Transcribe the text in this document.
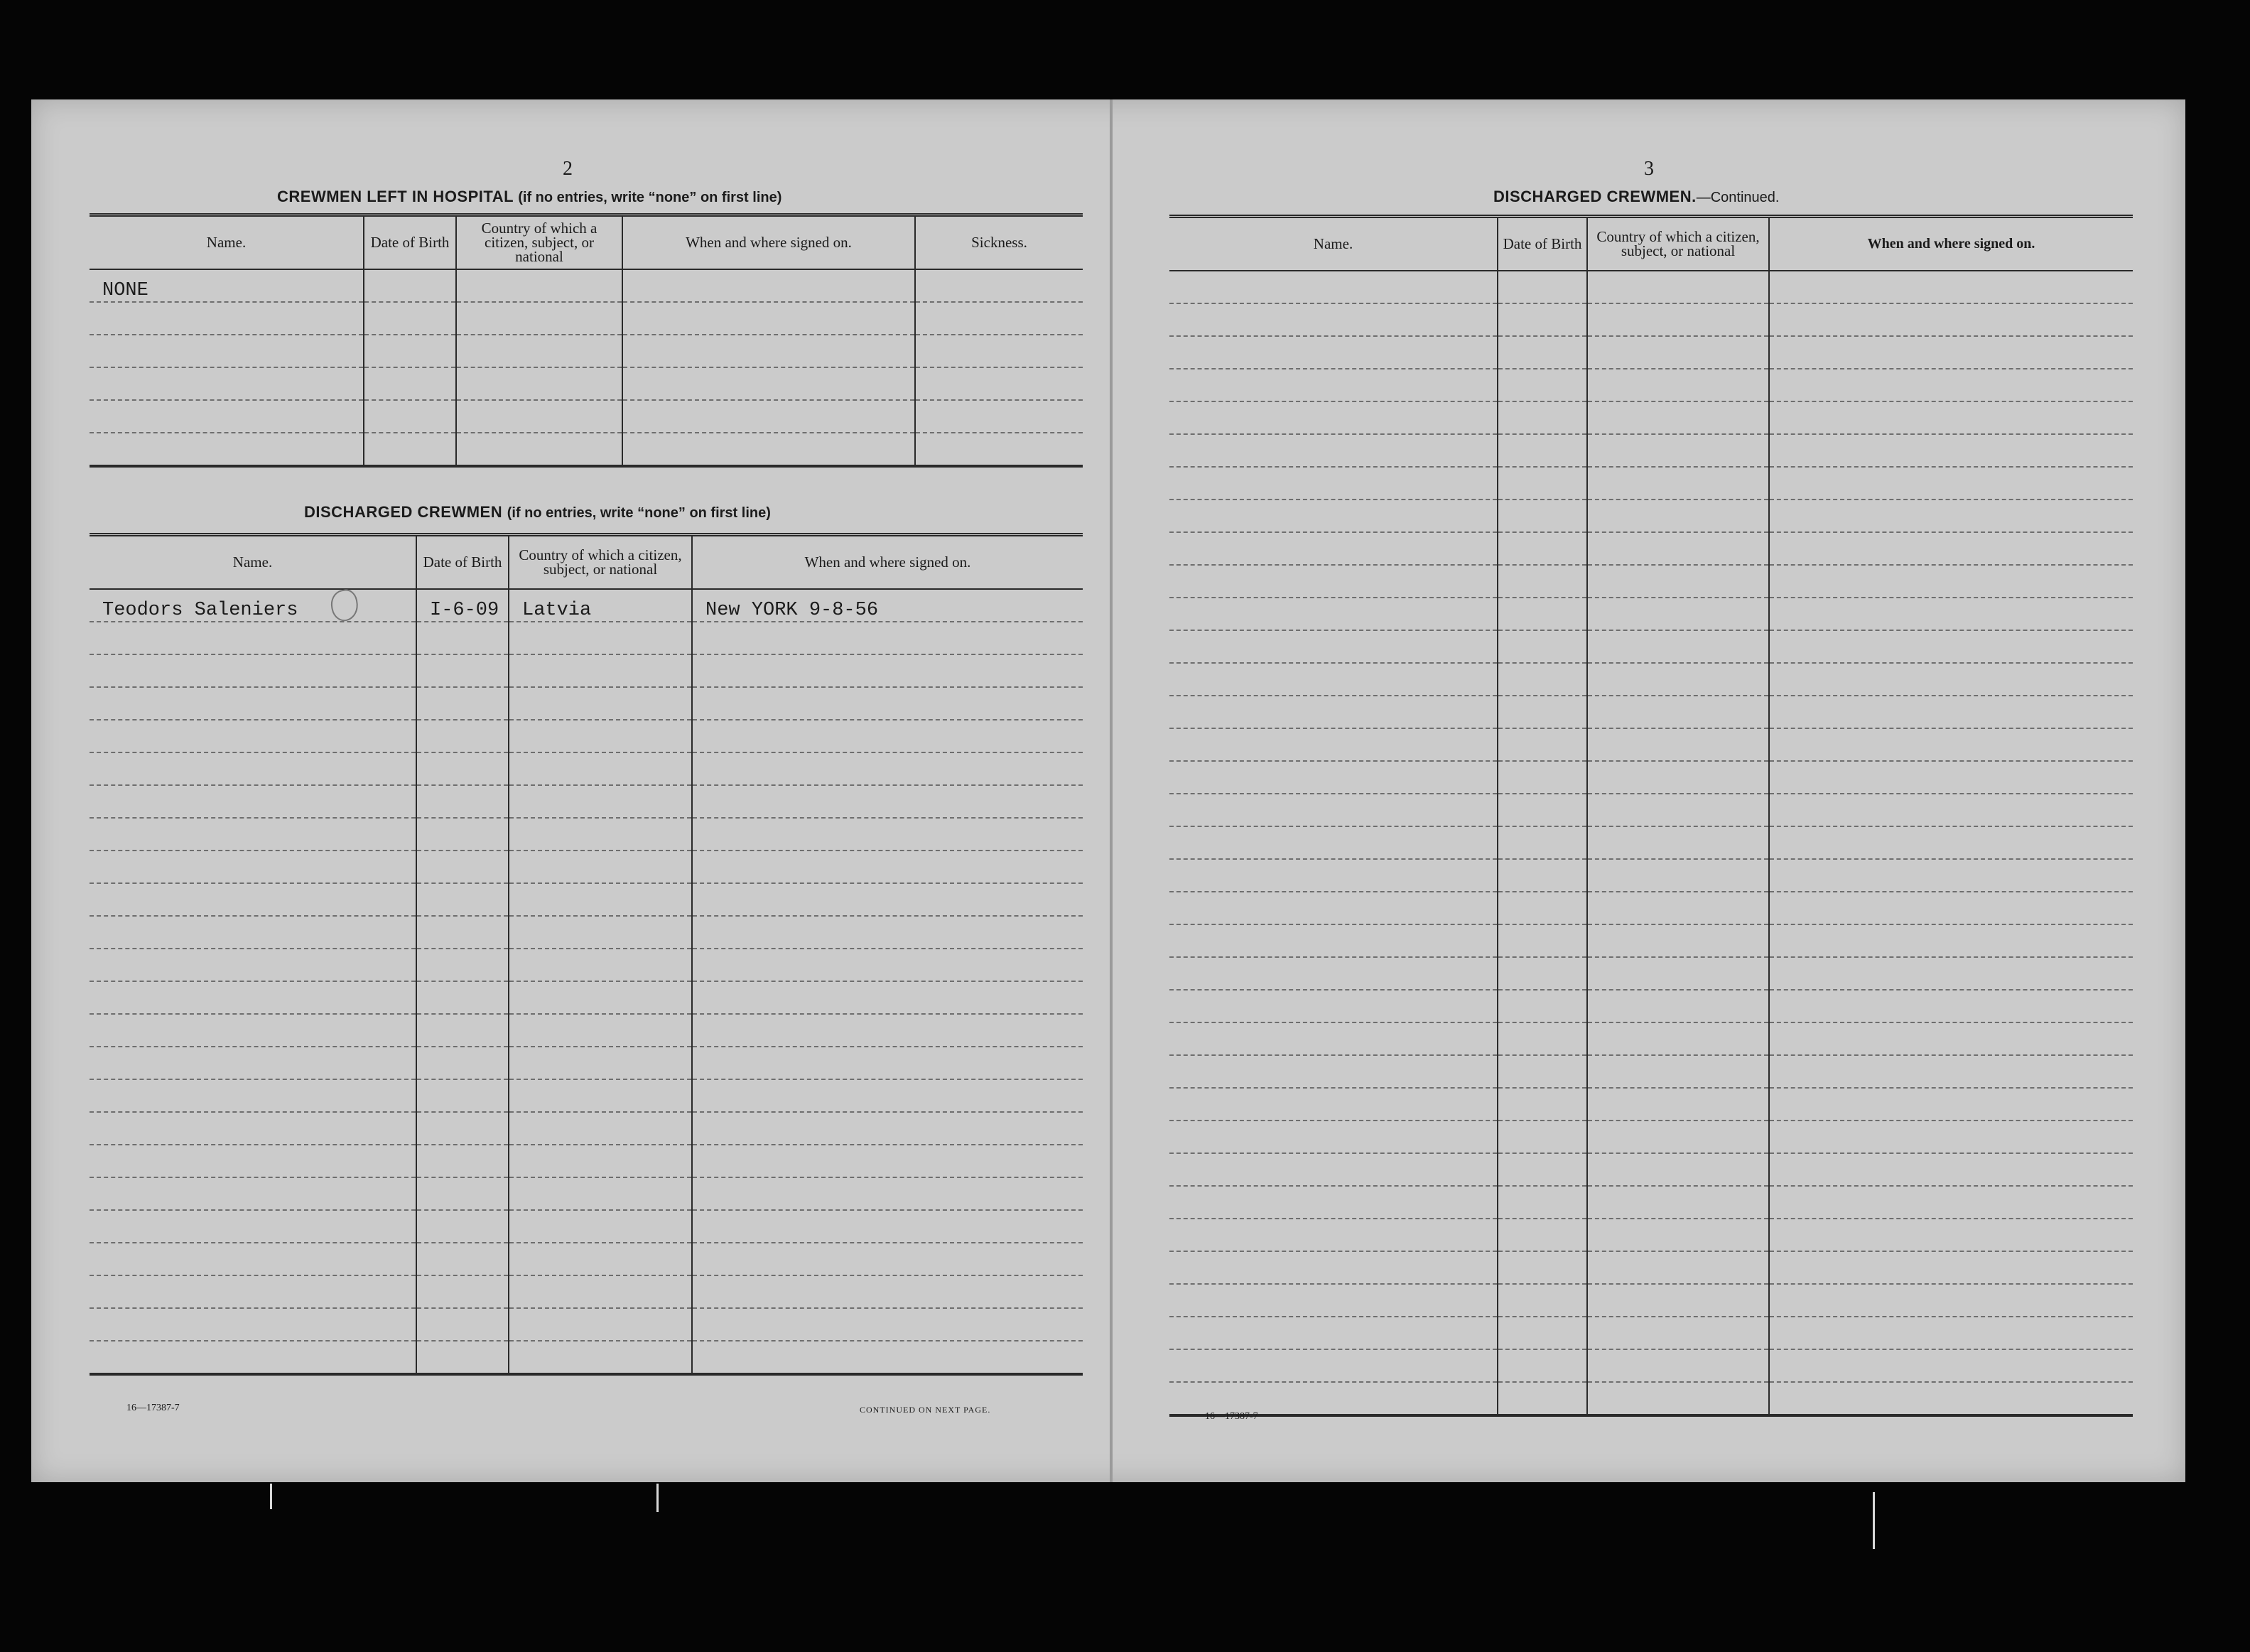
2
CREWMEN LEFT IN HOSPITAL (if no entries, write “none” on first line)
Name.	Date of Birth	Country of which a citizen, subject, or national	When and where signed on.	Sickness.
NONE				

DISCHARGED CREWMEN (if no entries, write “none” on first line)
Name.	Date of Birth	Country of which a citizen, subject, or national	When and where signed on.
Teodors Saleniers	I-6-09	Latvia	New YORK 9-8-56

16—17387-7	CONTINUED ON NEXT PAGE.
3
DISCHARGED CREWMEN.—Continued.
Name.	Date of Birth	Country of which a citizen, subject, or national	When and where signed on.

16—17387-7
